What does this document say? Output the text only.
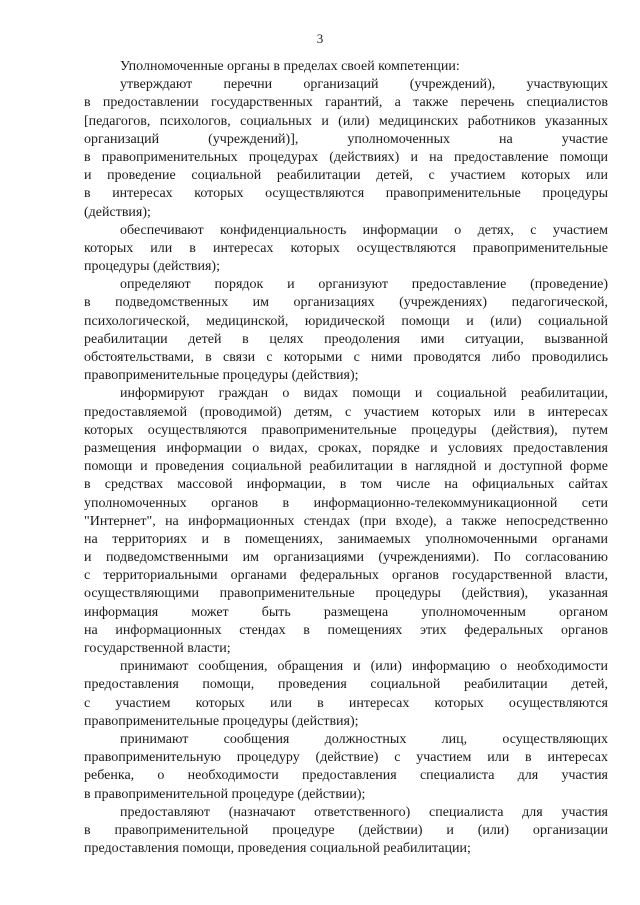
3
Уполномоченные органы в пределах своей компетенции:
утверждают перечни организаций (учреждений), участвующих
в предоставлении государственных гарантий, а также перечень специалистов
[педагогов, психологов, социальных и (или) медицинских работников указанных
организаций (учреждений)], уполномоченных на участие
в правоприменительных процедурах (действиях) и на предоставление помощи
и проведение социальной реабилитации детей, с участием которых или
в интересах которых осуществляются правоприменительные процедуры
(действия);
обеспечивают конфиденциальность информации о детях, с участием
которых или в интересах которых осуществляются правоприменительные
процедуры (действия);
определяют порядок и организуют предоставление (проведение)
в подведомственных им организациях (учреждениях) педагогической,
психологической, медицинской, юридической помощи и (или) социальной
реабилитации детей в целях преодоления ими ситуации, вызванной
обстоятельствами, в связи с которыми с ними проводятся либо проводились
правоприменительные процедуры (действия);
информируют граждан о видах помощи и социальной реабилитации,
предоставляемой (проводимой) детям, с участием которых или в интересах
которых осуществляются правоприменительные процедуры (действия), путем
размещения информации о видах, сроках, порядке и условиях предоставления
помощи и проведения социальной реабилитации в наглядной и доступной форме
в средствах массовой информации, в том числе на официальных сайтах
уполномоченных органов в информационно-телекоммуникационной сети
"Интернет", на информационных стендах (при входе), а также непосредственно
на территориях и в помещениях, занимаемых уполномоченными органами
и подведомственными им организациями (учреждениями). По согласованию
с территориальными органами федеральных органов государственной власти,
осуществляющими правоприменительные процедуры (действия), указанная
информация может быть размещена уполномоченным органом
на информационных стендах в помещениях этих федеральных органов
государственной власти;
принимают сообщения, обращения и (или) информацию о необходимости
предоставления помощи, проведения социальной реабилитации детей,
с участием которых или в интересах которых осуществляются
правоприменительные процедуры (действия);
принимают сообщения должностных лиц, осуществляющих
правоприменительную процедуру (действие) с участием или в интересах
ребенка, о необходимости предоставления специалиста для участия
в правоприменительной процедуре (действии);
предоставляют (назначают ответственного) специалиста для участия
в правоприменительной процедуре (действии) и (или) организации
предоставления помощи, проведения социальной реабилитации;
